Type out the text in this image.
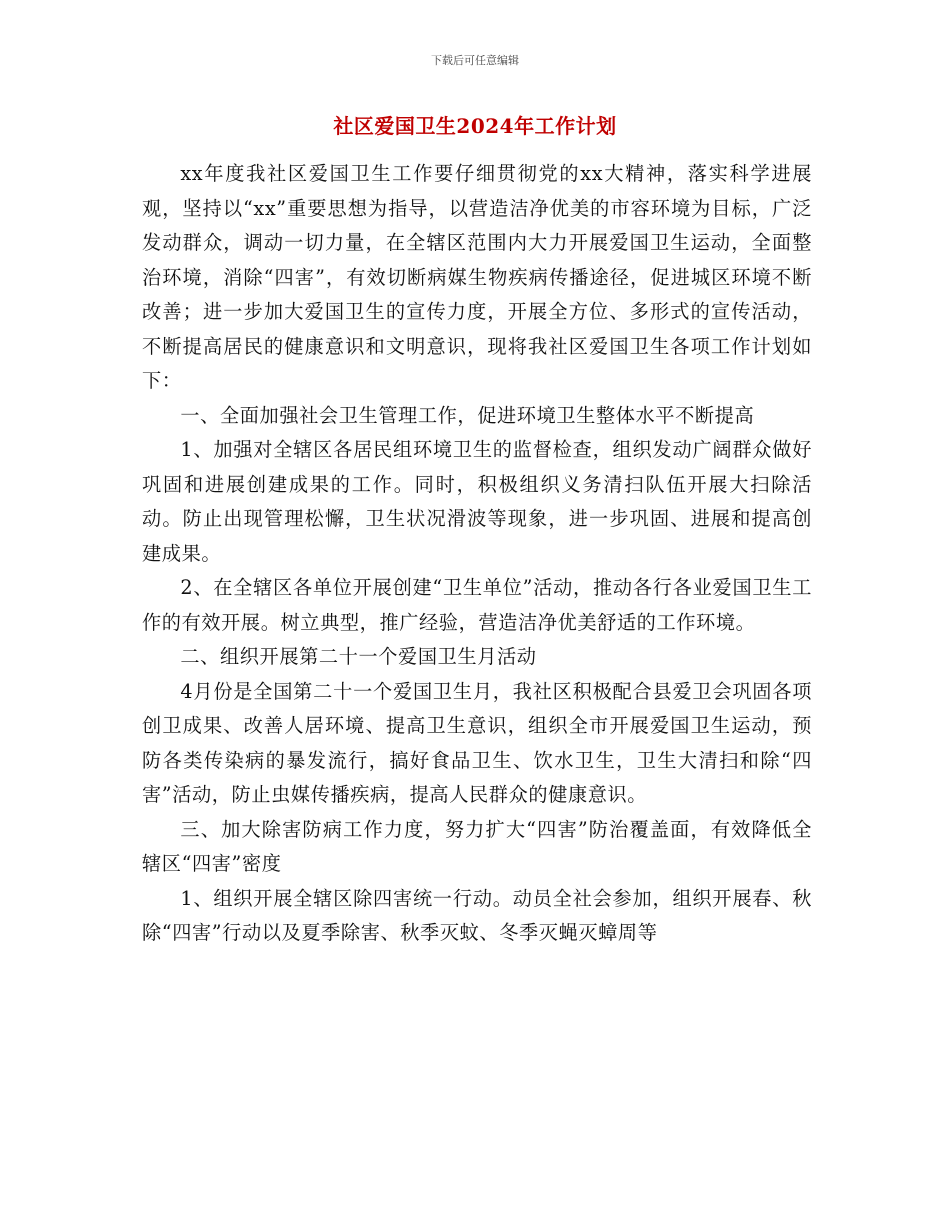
下载后可任意编辑
社区爱国卫生2024年工作计划

xx年度我社区爱国卫生工作要仔细贯彻党的xx大精神，落实科学进展观，坚持以“xx”重要思想为指导，以营造洁净优美的市容环境为目标，广泛发动群众，调动一切力量，在全辖区范围内大力开展爱国卫生运动，全面整治环境，消除“四害”，有效切断病媒生物疾病传播途径，促进城区环境不断改善；进一步加大爱国卫生的宣传力度，开展全方位、多形式的宣传活动，不断提高居民的健康意识和文明意识，现将我社区爱国卫生各项工作计划如下：

一、全面加强社会卫生管理工作，促进环境卫生整体水平不断提高

1、加强对全辖区各居民组环境卫生的监督检查，组织发动广阔群众做好巩固和进展创建成果的工作。同时，积极组织义务清扫队伍开展大扫除活动。防止出现管理松懈，卫生状况滑波等现象，进一步巩固、进展和提高创建成果。

2、在全辖区各单位开展创建“卫生单位”活动，推动各行各业爱国卫生工作的有效开展。树立典型，推广经验，营造洁净优美舒适的工作环境。

二、组织开展第二十一个爱国卫生月活动

4月份是全国第二十一个爱国卫生月，我社区积极配合县爱卫会巩固各项创卫成果、改善人居环境、提高卫生意识，组织全市开展爱国卫生运动，预防各类传染病的暴发流行，搞好食品卫生、饮水卫生，卫生大清扫和除“四害”活动，防止虫媒传播疾病，提高人民群众的健康意识。

三、加大除害防病工作力度，努力扩大“四害”防治覆盖面，有效降低全辖区“四害”密度

1、组织开展全辖区除四害统一行动。动员全社会参加，组织开展春、秋除“四害”行动以及夏季除害、秋季灭蚊、冬季灭蝇灭蟑周等
